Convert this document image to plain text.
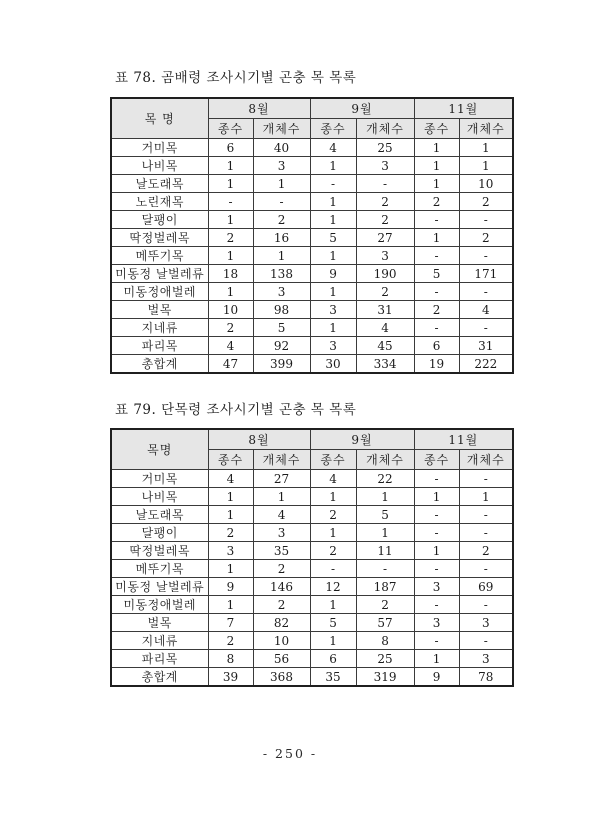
표 78. 곰배령 조사시기별 곤충 목 목록
목 명	8월		9월		11월	
	종수	개체수	종수	개체수	종수	개체수
거미목	6	40	4	25	1	1
나비목	1	3	1	3	1	1
날도래목	1	1	-	-	1	10
노린재목	-	-	1	2	2	2
달팽이	1	2	1	2	-	-
딱정벌레목	2	16	5	27	1	2
메뚜기목	1	1	1	3	-	-
미동정 날벌레류	18	138	9	190	5	171
미동정애벌레	1	3	1	2	-	-
벌목	10	98	3	31	2	4
지네류	2	5	1	4	-	-
파리목	4	92	3	45	6	31
총합계	47	399	30	334	19	222
표 79. 단목령 조사시기별 곤충 목 목록
목명	8월		9월		11월	
	종수	개체수	종수	개체수	종수	개체수
거미목	4	27	4	22	-	-
나비목	1	1	1	1	1	1
날도래목	1	4	2	5	-	-
달팽이	2	3	1	1	-	-
딱정벌레목	3	35	2	11	1	2
메뚜기목	1	2	-	-	-	-
미동정 날벌레류	9	146	12	187	3	69
미동정애벌레	1	2	1	2	-	-
벌목	7	82	5	57	3	3
지네류	2	10	1	8	-	-
파리목	8	56	6	25	1	3
총합계	39	368	35	319	9	78
- 250 -
